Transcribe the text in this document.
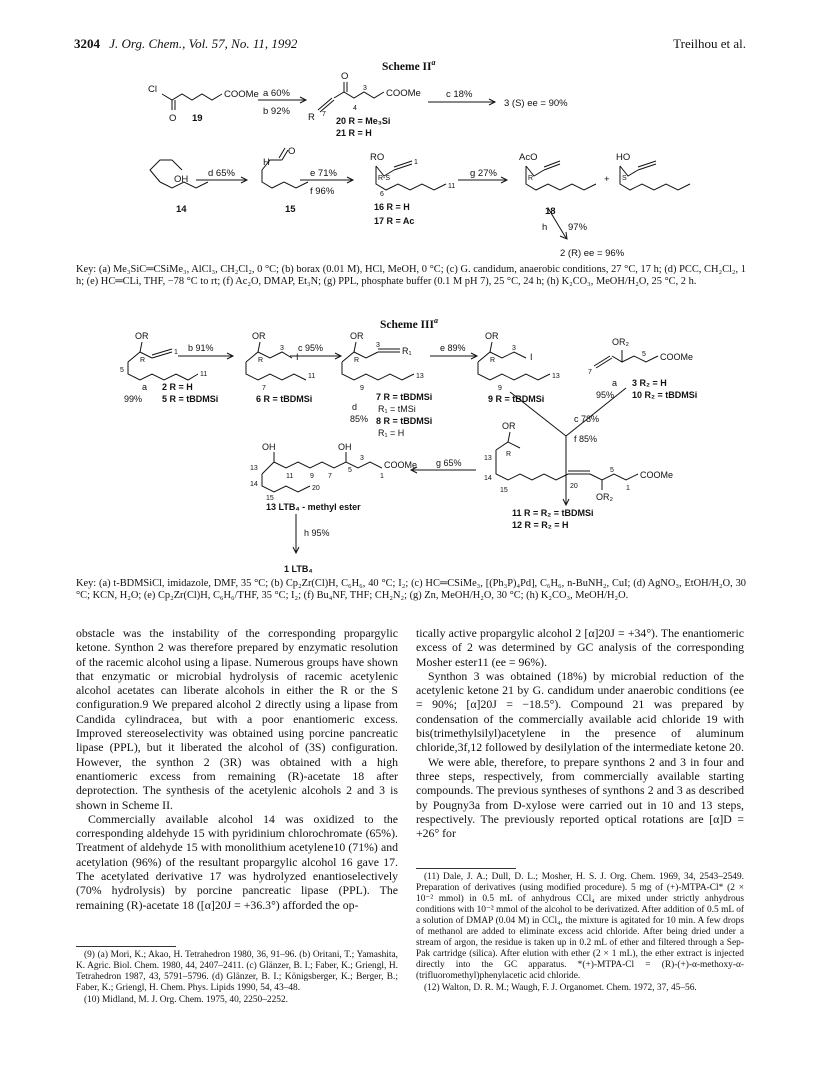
3204 J. Org. Chem., Vol. 57, No. 11, 1992	Treilhou et al.
Scheme $II^a$
Cl	COOMe
O 19
a 60%
b 92%
O
R
4
3
7
COOMe
20 R = Me₃Si
21 R = H
c 18%
3 (S) ee = 90%
OH
14
d 65%
H
O
15
e 71%
f 96%
RO	1
R-S
11
6
16 R = H
17 R = Ac
g 27%
AcO
R
18
+
HO
S
h 97%
2 (R) ee = 96%
Key: (a) Me₃SiC═CSiMe₃, AlCl₃, CH₂Cl₂, 0 °C; (b) borax (0.01 M), HCl, MeOH, 0 °C; (c) G. candidum, anaerobic conditions, 27 °C, 17 h; (d) PCC, CH₂Cl₂, 1 h; (e) HC═CLi, THF, −78 °C to rt; (f) Ac₂O, DMAP, Et₃N; (g) PPL, phosphate buffer (0.1 M pH 7), 25 °C, 24 h; (h) K₂CO₃, MeOH/H₂O, 25 °C, 2 h.
Scheme III$^a$
OR
R
1
11
5
a 2 R = H
99% 5 R = tBDMSi
b 91%
OR
R
3
I
11
7
6 R = tBDMSi
c 95%
OR
R
3
R₁
13
9
7 R = tBDMSi
d R₁ = tMSi
85% 8 R = tBDMSi
R₁ = H
e 89%
OR
R
3
I
13
9
9 R = tBDMSi
OR₂
5 COOMe
7
a 3 R₂ = H
95% 10 R₂ = tBDMSi
c 78%
f 85%
OR
R
13
14
15
20
5
1
COOMe
OR₂
11 R = R₂ = tBDMSi
12 R = R₂ = H
g 65%
OH	OH
13
14
15
20
11 9 7
5
3
1
COOMe
13 LTB₄ - methyl ester
h 95%
1 LTB₄
Key: (a) t-BDMSiCl, imidazole, DMF, 35 °C; (b) Cp₂Zr(Cl)H, C₆H₆, 40 °C; I₂; (c) HC═CSiMe₃, [(Ph₃P)₄Pd], C₆H₆, n-BuNH₂, CuI; (d) AgNO₃, EtOH/H₂O, 30 °C; KCN, H₂O; (e) Cp₂Zr(Cl)H, C₆H₆/THF, 35 °C; I₂; (f) Bu₄NF, THF; CH₂N₂; (g) Zn, MeOH/H₂O, 30 °C; (h) K₂CO₃, MeOH/H₂O.

obstacle was the instability of the corresponding propargylic ketone. Synthon 2 was therefore prepared by enzymatic resolution of the racemic alcohol using a lipase. Numerous groups have shown that enzymatic or microbial hydrolysis of racemic acetylenic alcohol acetates can liberate alcohols in either the R or the S configuration.9 We prepared alcohol 2 directly using a lipase from Candida cylindracea, but with a poor enantiomeric excess. Improved stereoselectivity was obtained using porcine pancreatic lipase (PPL), but it liberated the alcohol of (3S) configuration. However, the synthon 2 (3R) was obtained with a high enantiomeric excess from remaining (R)-acetate 18 after deprotection. The synthesis of the acetylenic alcohols 2 and 3 is shown in Scheme II.

Commercially available alcohol 14 was oxidized to the corresponding aldehyde 15 with pyridinium chlorochromate (65%). Treatment of aldehyde 15 with monolithium acetylene10 (71%) and acetylation (96%) of the resultant propargylic alcohol 16 gave 17. The acetylated derivative 17 was hydrolyzed enantioselectively (70% hydrolysis) by porcine pancreatic lipase (PPL). The remaining (R)-acetate 18 ([α]20J = +36.3°) afforded the op-

tically active propargylic alcohol 2 [α]20J = +34°). The enantiomeric excess of 2 was determined by GC analysis of the corresponding Mosher ester11 (ee = 96%).

Synthon 3 was obtained (18%) by microbial reduction of the acetylenic ketone 21 by G. candidum under anaerobic conditions (ee = 90%; [α]20J = −18.5°). Compound 21 was prepared by condensation of the commercially available acid chloride 19 with bis(trimethylsilyl)acetylene in the presence of aluminum chloride,3f,12 followed by desilylation of the intermediate ketone 20.

We were able, therefore, to prepare synthons 2 and 3 in four and three steps, respectively, from commercially available starting compounds. The previous syntheses of synthons 2 and 3 as described by Pougny3a from D-xylose were carried out in 10 and 13 steps, respectively. The previously reported optical rotations are [α]D = +26° for

(9) (a) Mori, K.; Akao, H. Tetrahedron 1980, 36, 91–96. (b) Oritani, T.; Yamashita, K. Agric. Biol. Chem. 1980, 44, 2407–2411. (c) Glänzer, B. I.; Faber, K.; Griengl, H. Tetrahedron 1987, 43, 5791–5796. (d) Glänzer, B. I.; Königsberger, K.; Berger, B.; Faber, K.; Griengl, H. Chem. Phys. Lipids 1990, 54, 43–48.

(10) Midland, M. J. Org. Chem. 1975, 40, 2250–2252.

(11) Dale, J. A.; Dull, D. L.; Mosher, H. S. J. Org. Chem. 1969, 34, 2543–2549. Preparation of derivatives (using modified procedure). 5 mg of (+)-MTPA-Cl* (2 × 10⁻² mmol) in 0.5 mL of anhydrous CCl₄ are mixed under strictly anhydrous conditions with 10⁻² mmol of the alcohol to be derivatized. After addition of 0.5 mL of a solution of DMAP (0.04 M) in CCl₄, the mixture is agitated for 10 min. A few drops of methanol are added to eliminate excess acid chloride. After being dried under a stream of argon, the residue is taken up in 0.2 mL of ether and filtered through a Sep-Pak cartridge (silica). After elution with ether (2 × 1 mL), the ether extract is injected directly into the GC apparatus. *(+)-MTPA-Cl = (R)-(+)-α-methoxy-α-(trifluoromethyl)phenylacetic acid chloride.

(12) Walton, D. R. M.; Waugh, F. J. Organomet. Chem. 1972, 37, 45–56.
